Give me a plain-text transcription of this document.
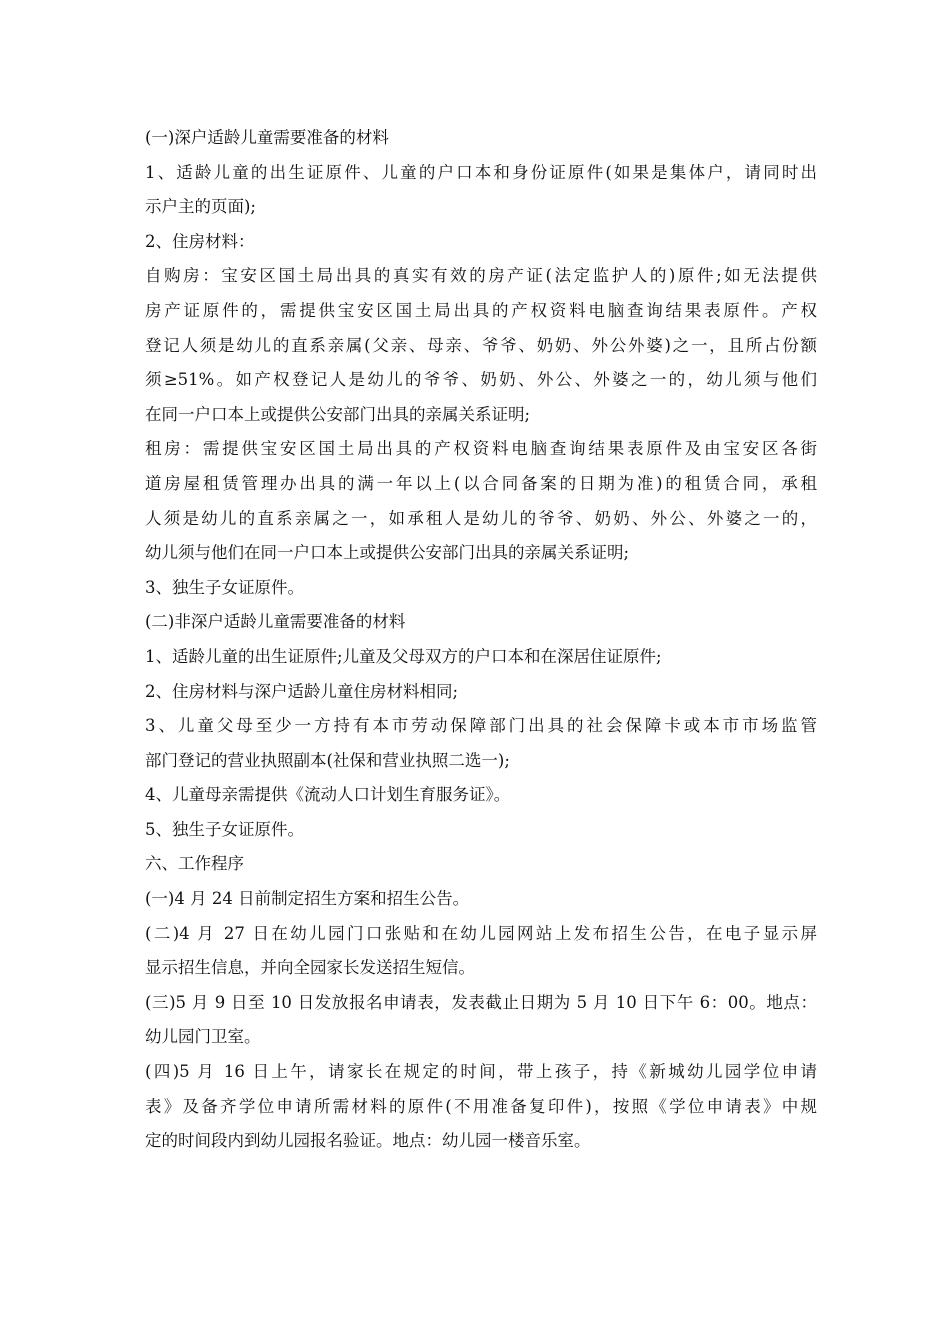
(一)深户适龄儿童需要准备的材料
1、适龄儿童的出生证原件、儿童的户口本和身份证原件(如果是集体户，请同时出
示户主的页面);
2、住房材料：
自购房：宝安区国土局出具的真实有效的房产证(法定监护人的)原件;如无法提供
房产证原件的，需提供宝安区国土局出具的产权资料电脑查询结果表原件。产权
登记人须是幼儿的直系亲属(父亲、母亲、爷爷、奶奶、外公外婆)之一，且所占份额
须≥51%。如产权登记人是幼儿的爷爷、奶奶、外公、外婆之一的，幼儿须与他们
在同一户口本上或提供公安部门出具的亲属关系证明;
租房：需提供宝安区国土局出具的产权资料电脑查询结果表原件及由宝安区各街
道房屋租赁管理办出具的满一年以上(以合同备案的日期为准)的租赁合同，承租
人须是幼儿的直系亲属之一，如承租人是幼儿的爷爷、奶奶、外公、外婆之一的，
幼儿须与他们在同一户口本上或提供公安部门出具的亲属关系证明;
3、独生子女证原件。
(二)非深户适龄儿童需要准备的材料
1、适龄儿童的出生证原件;儿童及父母双方的户口本和在深居住证原件;
2、住房材料与深户适龄儿童住房材料相同;
3、儿童父母至少一方持有本市劳动保障部门出具的社会保障卡或本市市场监管
部门登记的营业执照副本(社保和营业执照二选一);
4、儿童母亲需提供《流动人口计划生育服务证》。
5、独生子女证原件。
六、工作程序
(一)4 月 24 日前制定招生方案和招生公告。
(二)4 月 27 日在幼儿园门口张贴和在幼儿园网站上发布招生公告，在电子显示屏
显示招生信息，并向全园家长发送招生短信。
(三)5 月 9 日至 10 日发放报名申请表，发表截止日期为 5 月 10 日下午 6：00。地点：
幼儿园门卫室。
(四)5 月 16 日上午，请家长在规定的时间，带上孩子，持《新城幼儿园学位申请
表》及备齐学位申请所需材料的原件(不用准备复印件)，按照《学位申请表》中规
定的时间段内到幼儿园报名验证。地点：幼儿园一楼音乐室。
